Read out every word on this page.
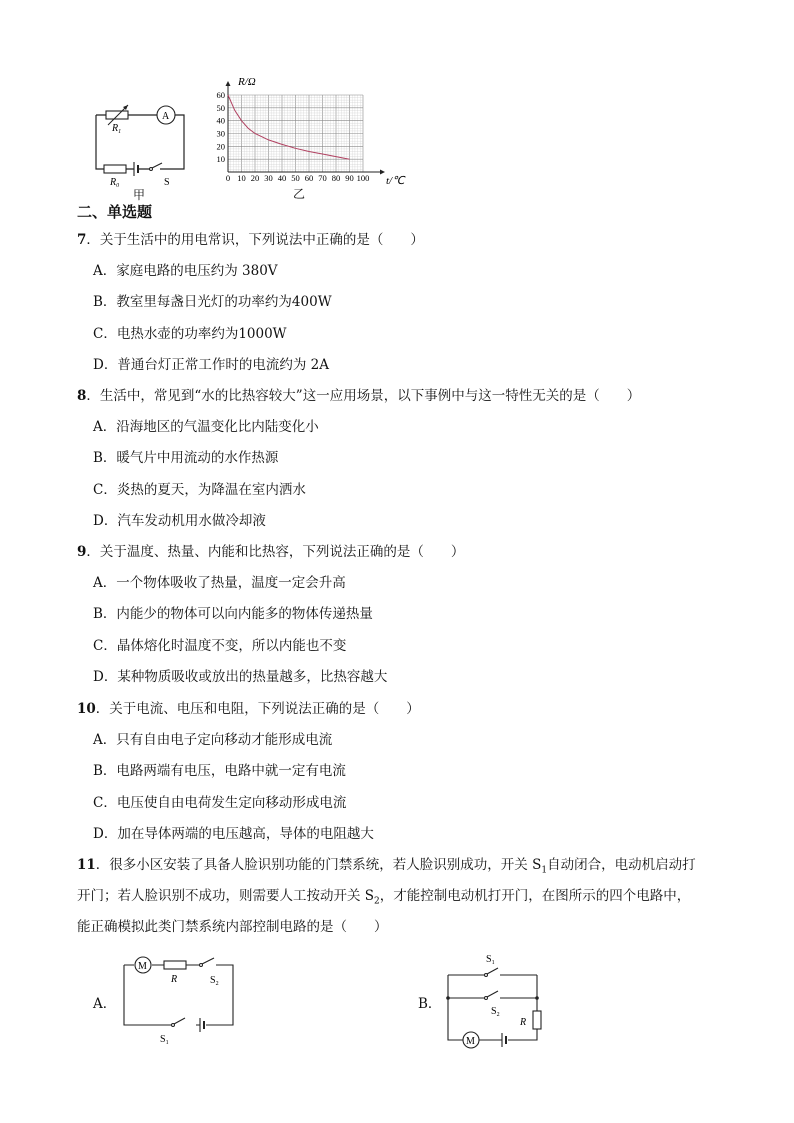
$R_1$
A
$R_0$	S
甲
0 10 20 30 40 50 60 70 80 90 100
10
20
30
40
50
60
R/Ω
t/℃
乙
二、单选题
7．关于生活中的用电常识，下列说法中正确的是（　　）
A．家庭电路的电压约为 380V
B．教室里每盏日光灯的功率约为400W
C．电热水壶的功率约为1000W
D．普通台灯正常工作时的电流约为 2A
8．生活中，常见到“水的比热容较大”这一应用场景，以下事例中与这一特性无关的是（　　）
A．沿海地区的气温变化比内陆变化小
B．暖气片中用流动的水作热源
C．炎热的夏天，为降温在室内洒水
D．汽车发动机用水做冷却液
9．关于温度、热量、内能和比热容，下列说法正确的是（　　）
A．一个物体吸收了热量，温度一定会升高
B．内能少的物体可以向内能多的物体传递热量
C．晶体熔化时温度不变，所以内能也不变
D．某种物质吸收或放出的热量越多，比热容越大
10．关于电流、电压和电阻，下列说法正确的是（　　）
A．只有自由电子定向移动才能形成电流
B．电路两端有电压，电路中就一定有电流
C．电压使自由电荷发生定向移动形成电流
D．加在导体两端的电压越高，导体的电阻越大
11．很多小区安装了具备人脸识别功能的门禁系统，若人脸识别成功，开关 $S_1$自动闭合，电动机启动打
开门；若人脸识别不成功，则需要人工按动开关 $S_2$，才能控制电动机打开门，在图所示的四个电路中，
能正确模拟此类门禁系统内部控制电路的是（　　）
A．
M
R	$S_2$
$S_1$
B．
$S_1$
$S_2$
R
M
